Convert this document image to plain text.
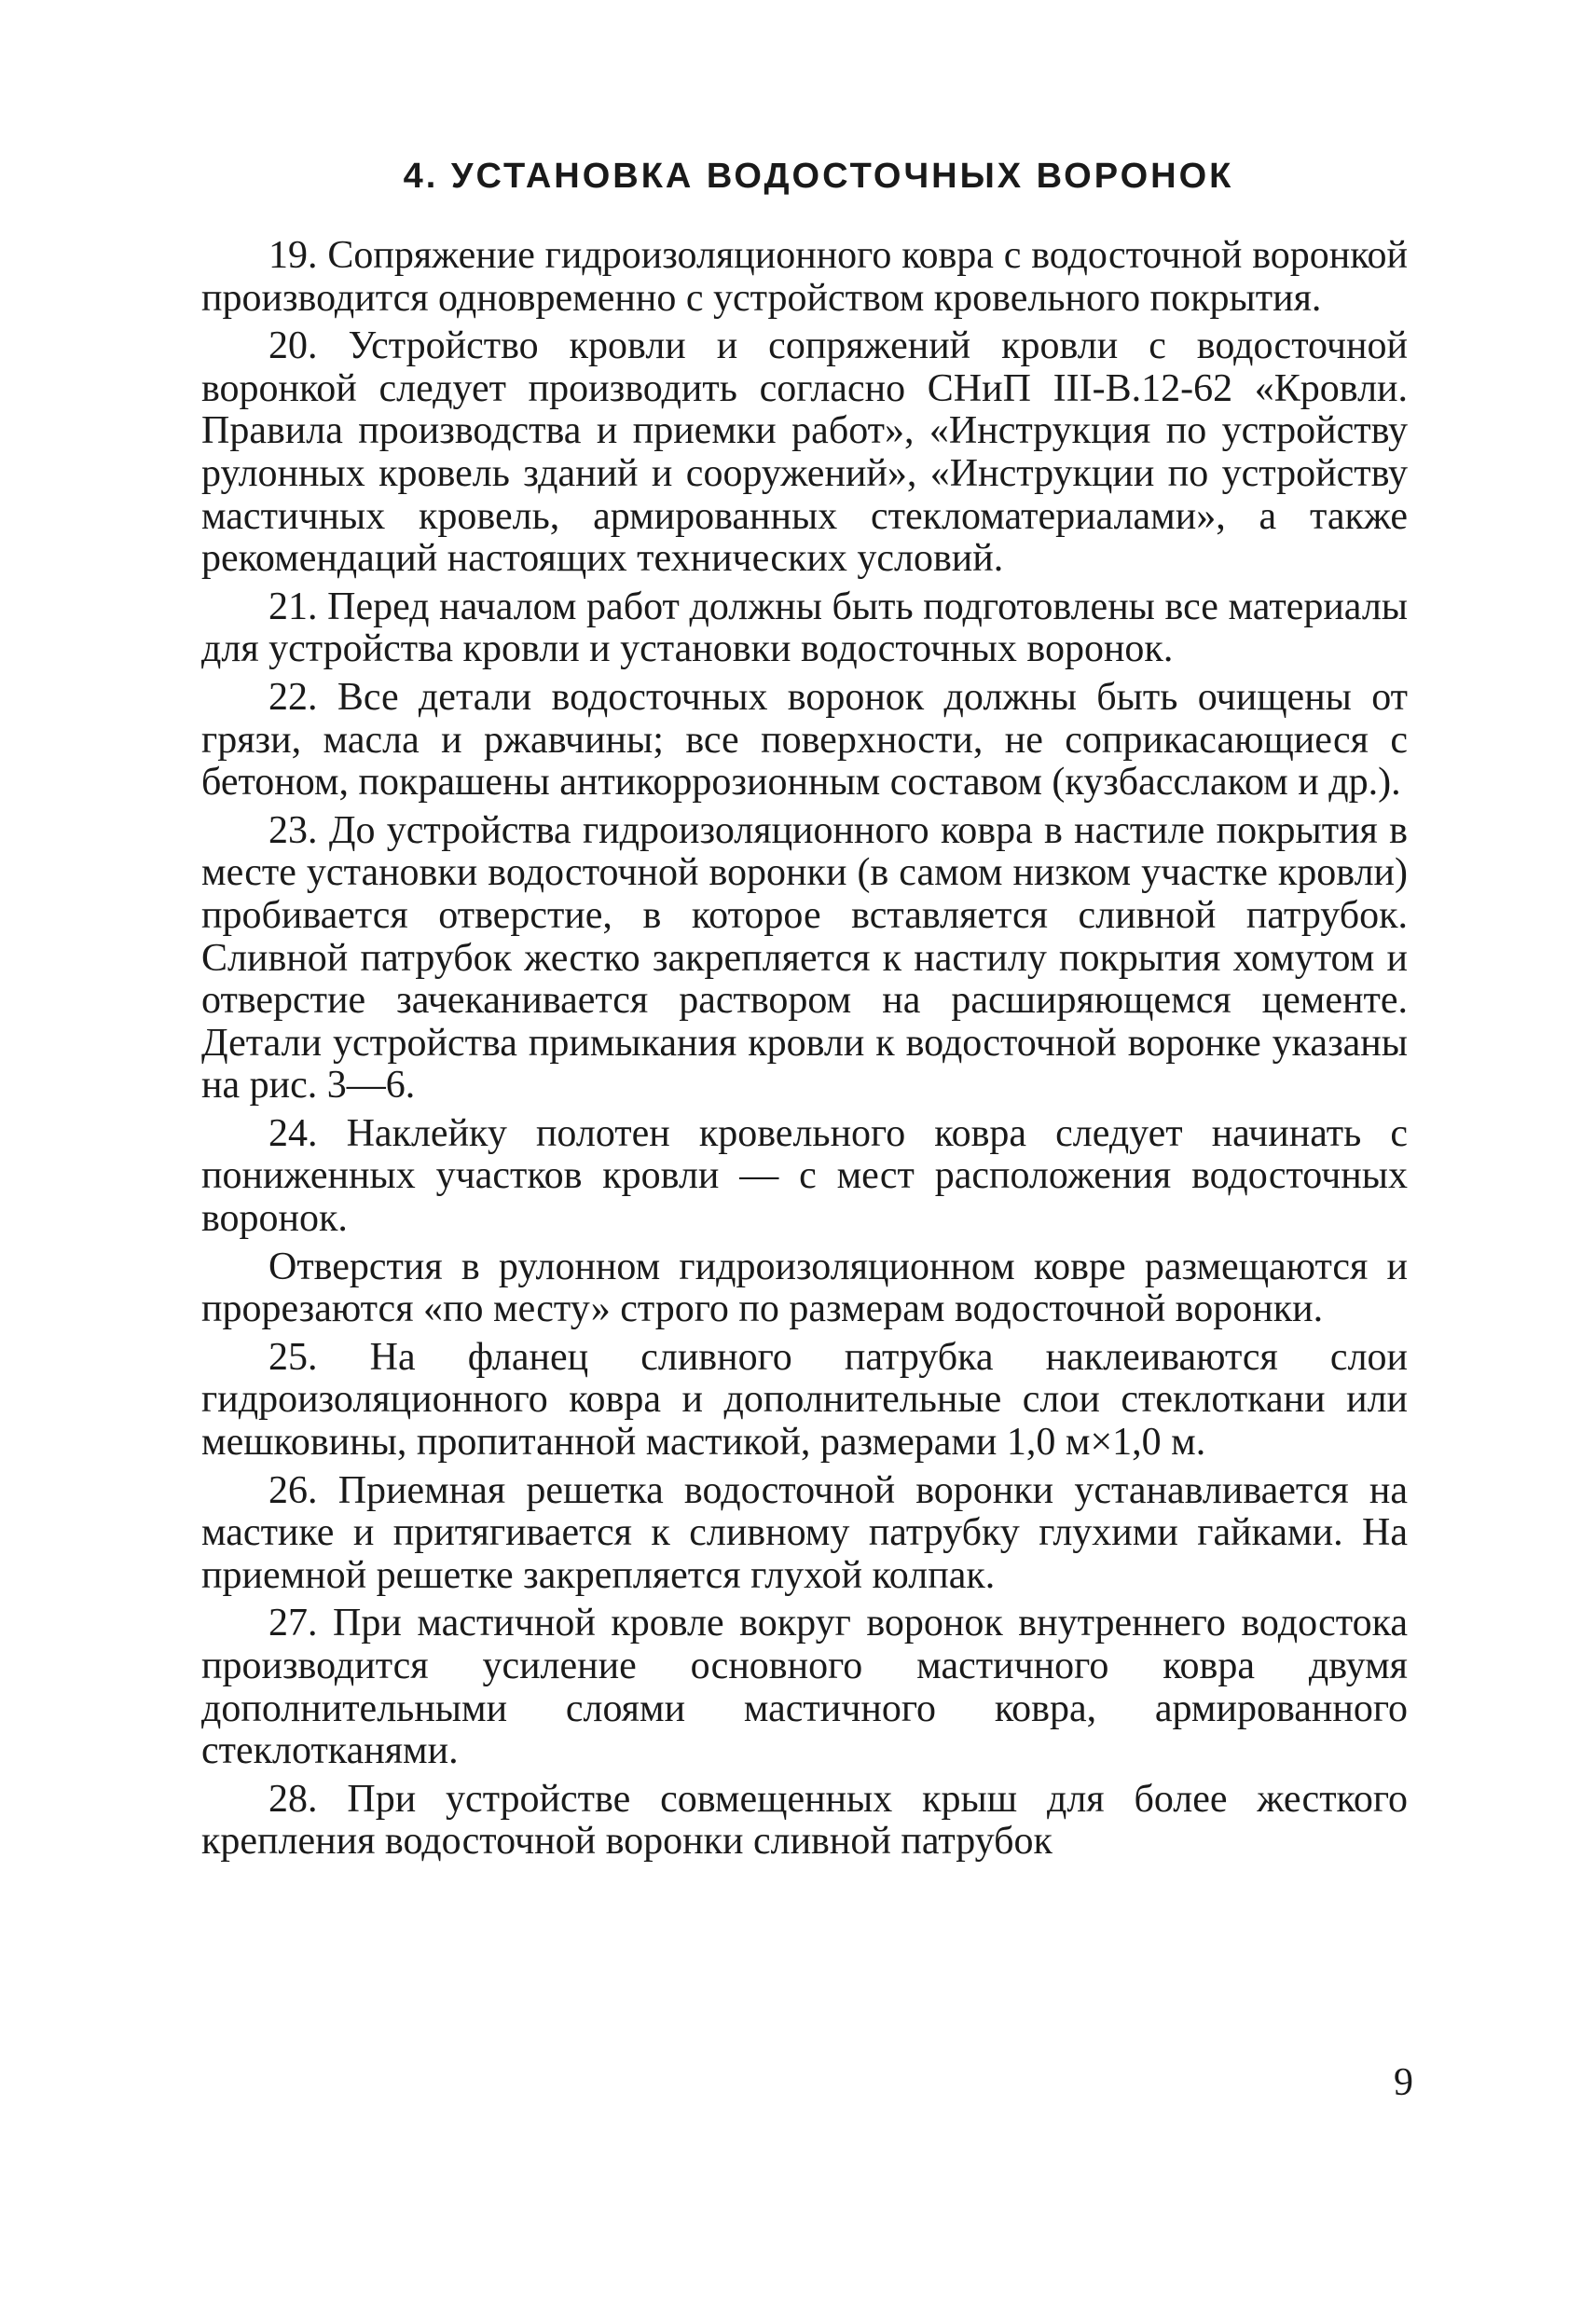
4. УСТАНОВКА ВОДОСТОЧНЫХ ВОРОНОК

19. Сопряжение гидроизоляционного ковра с водосточной воронкой производится одновременно с устройством кровельного покрытия.

20. Устройство кровли и сопряжений кровли с водосточной воронкой следует производить согласно СНиП III-В.12-62 «Кровли. Правила производства и приемки работ», «Инструкция по устройству рулонных кровель зданий и сооружений», «Инструкции по устройству мастичных кровель, армированных стекломатериалами», а также рекомендаций настоящих технических условий.

21. Перед началом работ должны быть подготовлены все материалы для устройства кровли и установки водосточных воронок.

22. Все детали водосточных воронок должны быть очищены от грязи, масла и ржавчины; все поверхности, не соприкасающиеся с бетоном, покрашены антикоррозионным составом (кузбасслаком и др.).

23. До устройства гидроизоляционного ковра в настиле покрытия в месте установки водосточной воронки (в самом низком участке кровли) пробивается отверстие, в которое вставляется сливной патрубок. Сливной патрубок жестко закрепляется к настилу покрытия хомутом и отверстие зачеканивается раствором на расширяющемся цементе. Детали устройства примыкания кровли к водосточной воронке указаны на рис. 3—6.

24. Наклейку полотен кровельного ковра следует начинать с пониженных участков кровли — с мест расположения водосточных воронок.

Отверстия в рулонном гидроизоляционном ковре размещаются и прорезаются «по месту» строго по размерам водосточной воронки.

25. На фланец сливного патрубка наклеиваются слои гидроизоляционного ковра и дополнительные слои стеклоткани или мешковины, пропитанной мастикой, размерами 1,0 м×1,0 м.

26. Приемная решетка водосточной воронки устанавливается на мастике и притягивается к сливному патрубку глухими гайками. На приемной решетке закрепляется глухой колпак.

27. При мастичной кровле вокруг воронок внутреннего водостока производится усиление основного мастичного ковра двумя дополнительными слоями мастичного ковра, армированного стеклотканями.

28. При устройстве совмещенных крыш для более жесткого крепления водосточной воронки сливной патрубок

9
